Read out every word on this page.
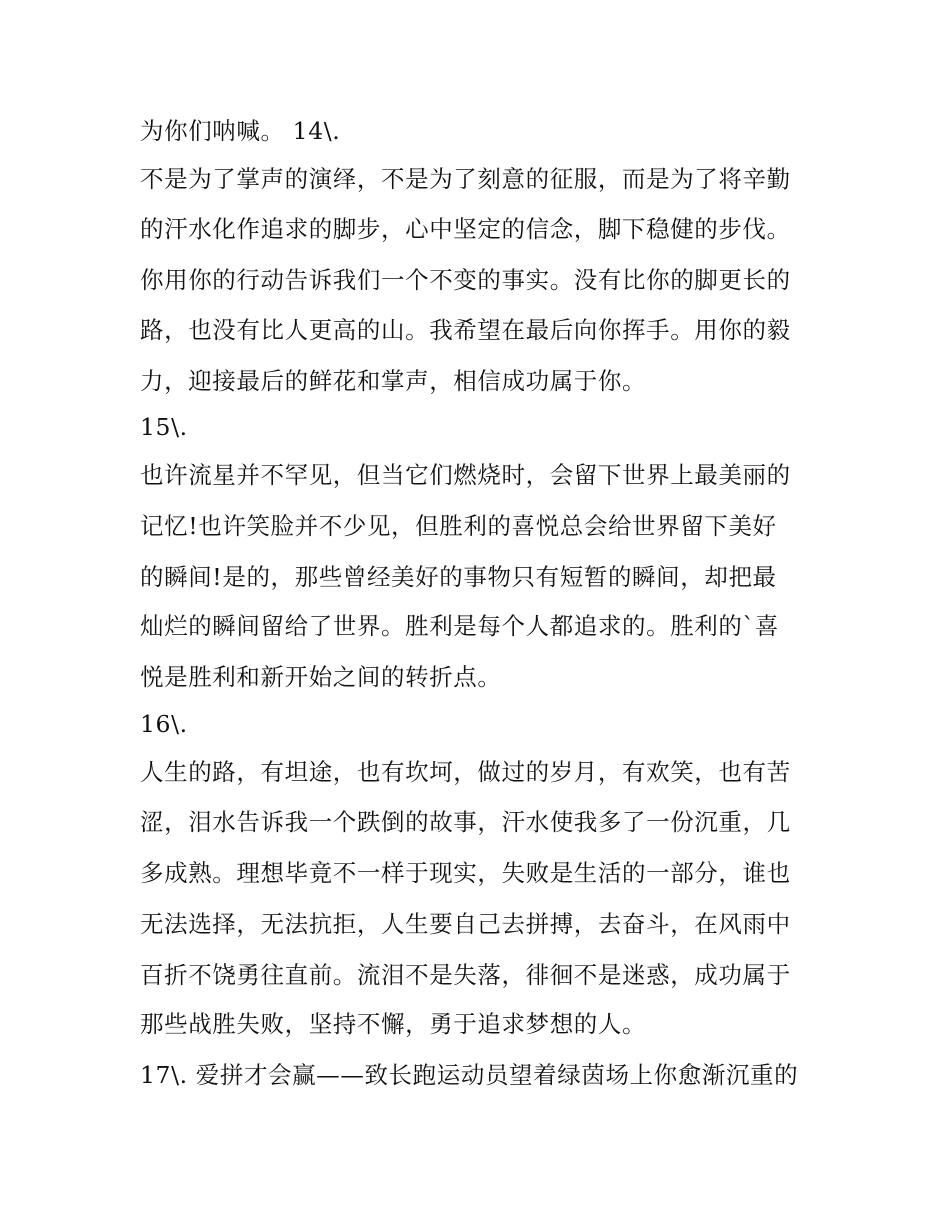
为你们呐喊。 14\.
不是为了掌声的演绎，不是为了刻意的征服，而是为了将辛勤
的汗水化作追求的脚步，心中坚定的信念，脚下稳健的步伐。
你用你的行动告诉我们一个不变的事实。没有比你的脚更长的
路，也没有比人更高的山。我希望在最后向你挥手。用你的毅
力，迎接最后的鲜花和掌声，相信成功属于你。
15\.
也许流星并不罕见，但当它们燃烧时，会留下世界上最美丽的
记忆!也许笑脸并不少见，但胜利的喜悦总会给世界留下美好
的瞬间!是的，那些曾经美好的事物只有短暂的瞬间，却把最
灿烂的瞬间留给了世界。胜利是每个人都追求的。胜利的`喜
悦是胜利和新开始之间的转折点。
16\.
人生的路，有坦途，也有坎坷，做过的岁月，有欢笑，也有苦
涩，泪水告诉我一个跌倒的故事，汗水使我多了一份沉重，几
多成熟。理想毕竟不一样于现实，失败是生活的一部分，谁也
无法选择，无法抗拒，人生要自己去拼搏，去奋斗，在风雨中
百折不饶勇往直前。流泪不是失落，徘徊不是迷惑，成功属于
那些战胜失败，坚持不懈，勇于追求梦想的人。
17\. 爱拼才会赢——致长跑运动员望着绿茵场上你愈渐沉重的
